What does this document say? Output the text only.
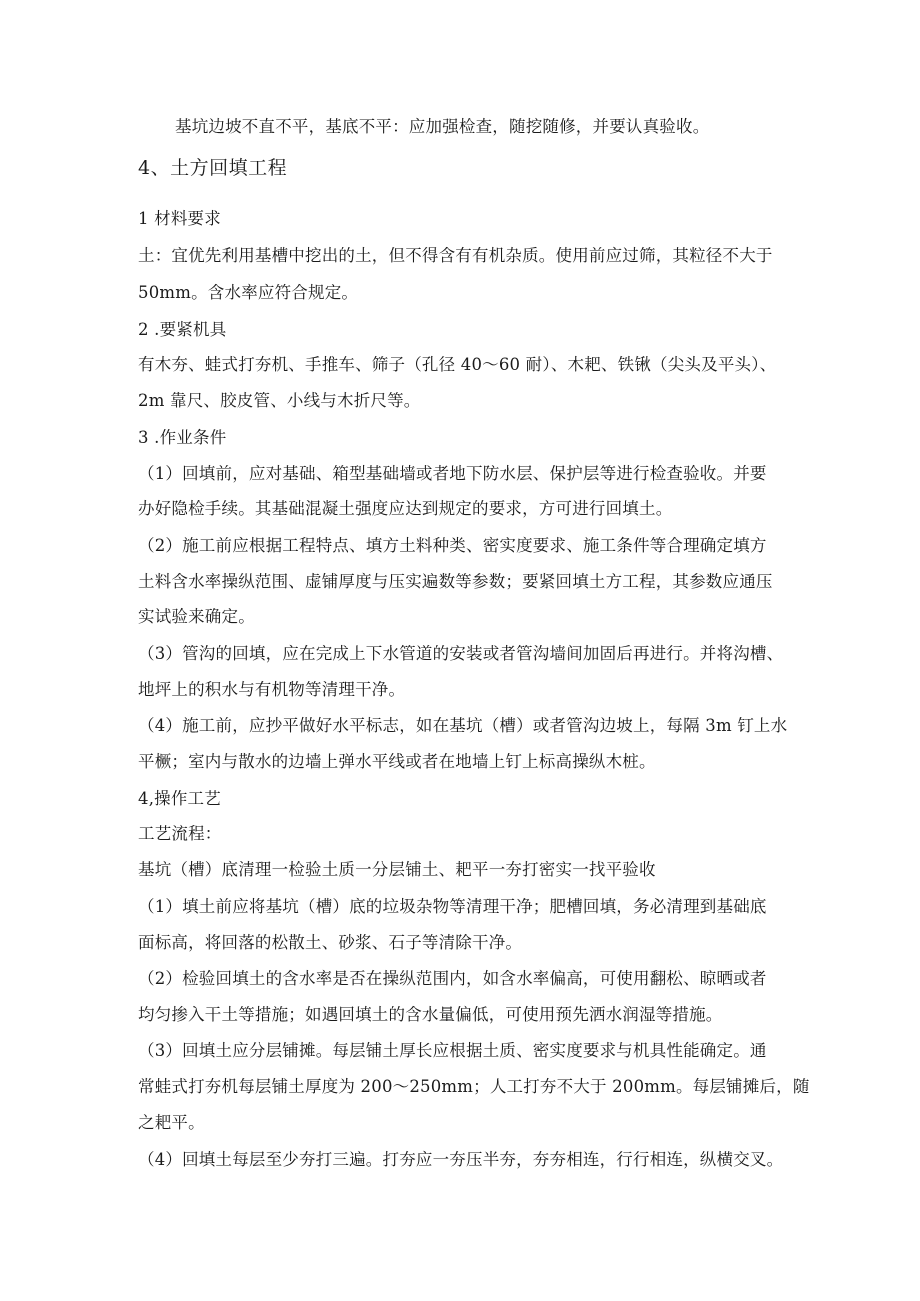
基坑边坡不直不平，基底不平：应加强检查，随挖随修，并要认真验收。
4、土方回填工程
1 材料要求
土：宜优先利用基槽中挖出的土，但不得含有有机杂质。使用前应过筛，其粒径不大于
50mm。含水率应符合规定。
2 .要紧机具
有木夯、蛙式打夯机、手推车、筛子（孔径 40～60 耐）、木耙、铁锹（尖头及平头）、
2m 靠尺、胶皮管、小线与木折尺等。
3 .作业条件
（1）回填前，应对基础、箱型基础墙或者地下防水层、保护层等进行检查验收。并要
办好隐检手续。其基础混凝土强度应达到规定的要求，方可进行回填土。
（2）施工前应根据工程特点、填方土料种类、密实度要求、施工条件等合理确定填方
土料含水率操纵范围、虚铺厚度与压实遍数等参数；要紧回填土方工程，其参数应通压
实试验来确定。
（3）管沟的回填，应在完成上下水管道的安装或者管沟墙间加固后再进行。并将沟槽、
地坪上的积水与有机物等清理干净。
（4）施工前，应抄平做好水平标志，如在基坑（槽）或者管沟边坡上，每隔 3m 钉上水
平橛；室内与散水的边墙上弹水平线或者在地墙上钉上标高操纵木桩。
4,操作工艺
工艺流程：
基坑（槽）底清理一检验土质一分层铺土、耙平一夯打密实一找平验收
（1）填土前应将基坑（槽）底的垃圾杂物等清理干净；肥槽回填，务必清理到基础底
面标高，将回落的松散土、砂浆、石子等清除干净。
（2）检验回填土的含水率是否在操纵范围内，如含水率偏高，可使用翻松、晾晒或者
均匀掺入干土等措施；如遇回填土的含水量偏低，可使用预先洒水润湿等措施。
（3）回填土应分层铺摊。每层铺土厚长应根据土质、密实度要求与机具性能确定。通
常蛙式打夯机每层铺土厚度为 200～250mm；人工打夯不大于 200mm。每层铺摊后，随
之耙平。
（4）回填土每层至少夯打三遍。打夯应一夯压半夯，夯夯相连，行行相连，纵横交叉。
